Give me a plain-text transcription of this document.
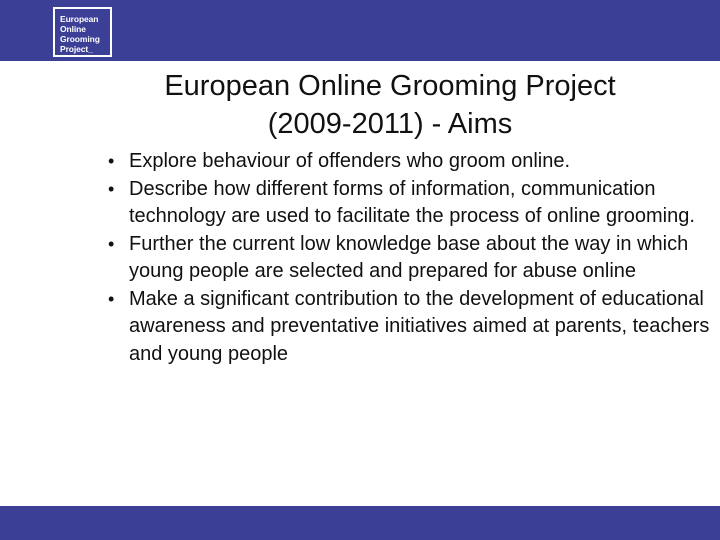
European
Online
Grooming
Project_
European Online Grooming Project
(2009-2011) - Aims
• Explore behaviour of offenders who groom online.
• Describe how different forms of information, communication technology are used to facilitate the process of online grooming.
• Further the current low knowledge base about the way in which young people are selected and prepared for abuse online
• Make a significant contribution to the development of educational awareness and preventative initiatives aimed at parents, teachers and young people
